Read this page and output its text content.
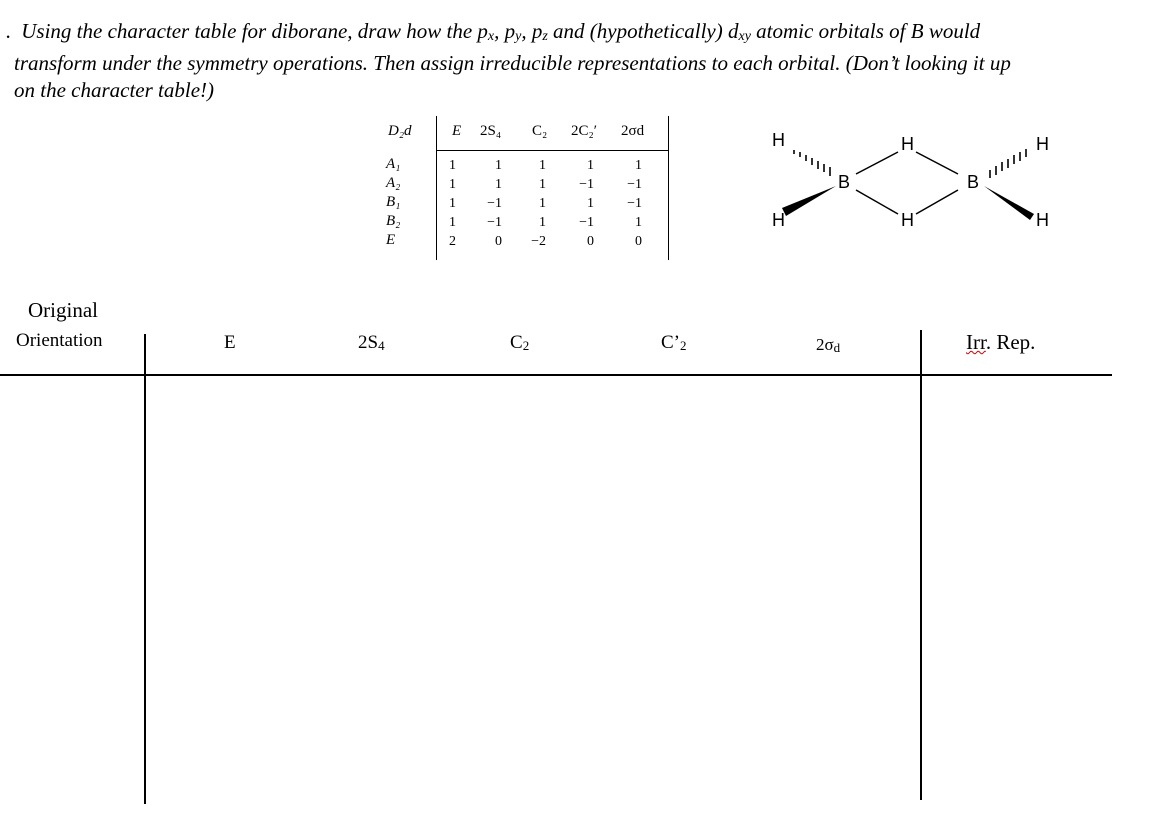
. Using the character table for diborane, draw how the px, py, pz and (hypothetically) dxy atomic orbitals of B would
transform under the symmetry operations. Then assign irreducible representations to each orbital. (Don’t looking it up
on the character table!)
D₂d	E 2S₄ C₂ 2C₂′ 2σd
A₁	1	1	1	1	1
A₂	1	1	1	−1	−1
B₁	1	−1	1	1	−1
B₂	1	−1	1	−1	1
E	2	0	−2	0	0
H
H
B
H
H
B
H
H
Original
Orientation	E	2S4	C2	C’2	2σd	Irr. Rep.
